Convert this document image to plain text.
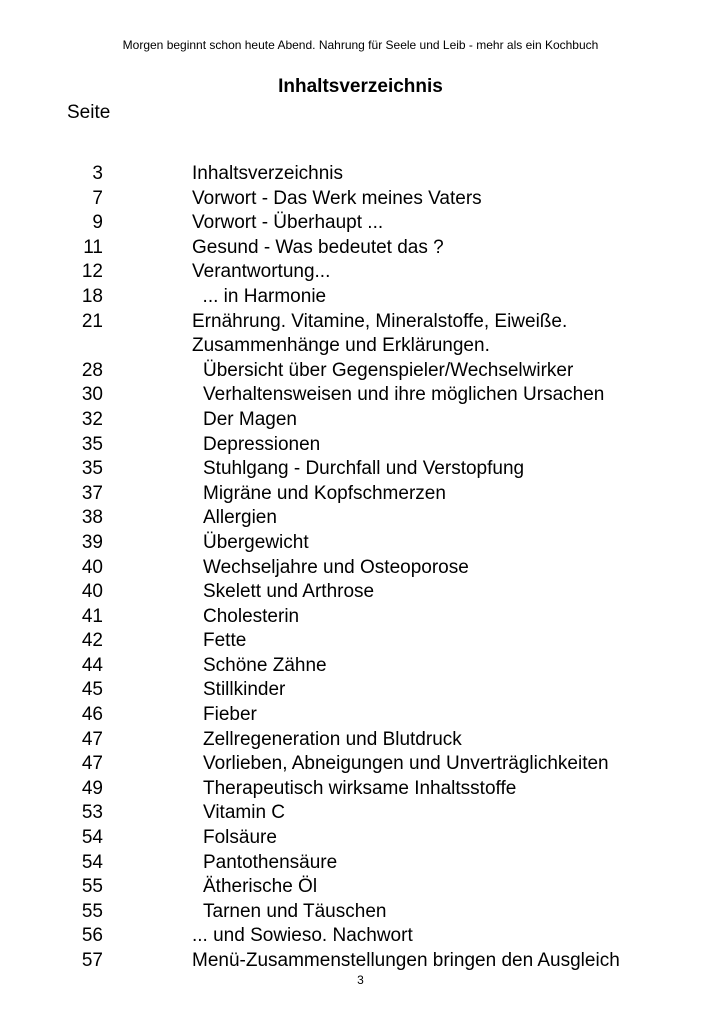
Morgen beginnt schon heute Abend. Nahrung für Seele und Leib - mehr als ein Kochbuch
Inhaltsverzeichnis
Seite
3	Inhaltsverzeichnis
7	Vorwort - Das Werk meines Vaters
9	Vorwort - Überhaupt ...
11	Gesund - Was bedeutet das ?
12	Verantwortung...
18	... in Harmonie
21	Ernährung. Vitamine, Mineralstoffe, Eiweiße.
Zusammenhänge und Erklärungen.
28	Übersicht über Gegenspieler/Wechselwirker
30	Verhaltensweisen und ihre möglichen Ursachen
32	Der Magen
35	Depressionen
35	Stuhlgang - Durchfall und Verstopfung
37	Migräne und Kopfschmerzen
38	Allergien
39	Übergewicht
40	Wechseljahre und Osteoporose
40	Skelett und Arthrose
41	Cholesterin
42	Fette
44	Schöne Zähne
45	Stillkinder
46	Fieber
47	Zellregeneration und Blutdruck
47	Vorlieben, Abneigungen und Unverträglichkeiten
49	Therapeutisch wirksame Inhaltsstoffe
53	Vitamin C
54	Folsäure
54	Pantothensäure
55	Ätherische Öl
55	Tarnen und Täuschen
56	... und Sowieso. Nachwort
57	Menü-Zusammenstellungen bringen den Ausgleich
3
